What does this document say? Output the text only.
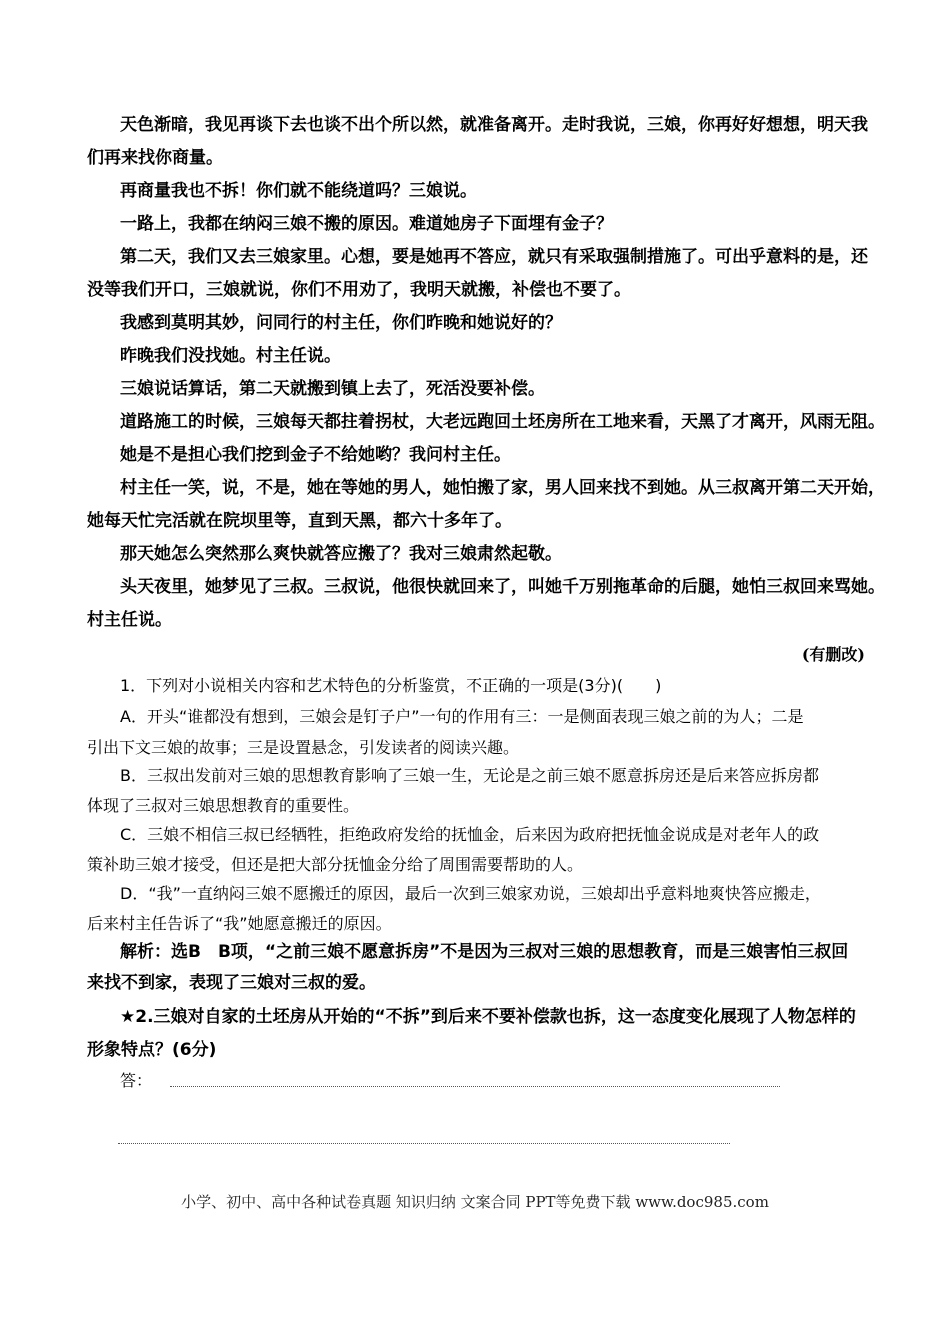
天色渐暗，我见再谈下去也谈不出个所以然，就准备离开。走时我说，三娘，你再好好想想，明天我
们再来找你商量。
再商量我也不拆！你们就不能绕道吗？三娘说。
一路上，我都在纳闷三娘不搬的原因。难道她房子下面埋有金子？
第二天，我们又去三娘家里。心想，要是她再不答应，就只有采取强制措施了。可出乎意料的是，还
没等我们开口，三娘就说，你们不用劝了，我明天就搬，补偿也不要了。
我感到莫明其妙，问同行的村主任，你们昨晚和她说好的？
昨晚我们没找她。村主任说。
三娘说话算话，第二天就搬到镇上去了，死活没要补偿。
道路施工的时候，三娘每天都拄着拐杖，大老远跑回土坯房所在工地来看，天黑了才离开，风雨无阻。
她是不是担心我们挖到金子不给她哟？我问村主任。
村主任一笑，说，不是，她在等她的男人，她怕搬了家，男人回来找不到她。从三叔离开第二天开始，
她每天忙完活就在院坝里等，直到天黑，都六十多年了。
那天她怎么突然那么爽快就答应搬了？我对三娘肃然起敬。
头天夜里，她梦见了三叔。三叔说，他很快就回来了，叫她千万别拖革命的后腿，她怕三叔回来骂她。
村主任说。
(有删改)
1．下列对小说相关内容和艺术特色的分析鉴赏，不正确的一项是(3分)(　　)
A．开头“谁都没有想到，三娘会是钉子户”一句的作用有三：一是侧面表现三娘之前的为人；二是
引出下文三娘的故事；三是设置悬念，引发读者的阅读兴趣。
B．三叔出发前对三娘的思想教育影响了三娘一生，无论是之前三娘不愿意拆房还是后来答应拆房都
体现了三叔对三娘思想教育的重要性。
C．三娘不相信三叔已经牺牲，拒绝政府发给的抚恤金，后来因为政府把抚恤金说成是对老年人的政
策补助三娘才接受，但还是把大部分抚恤金分给了周围需要帮助的人。
D．“我”一直纳闷三娘不愿搬迁的原因，最后一次到三娘家劝说，三娘却出乎意料地爽快答应搬走，
后来村主任告诉了“我”她愿意搬迁的原因。
解析：选B　B项，“之前三娘不愿意拆房”不是因为三叔对三娘的思想教育，而是三娘害怕三叔回
来找不到家，表现了三娘对三叔的爱。
★2.三娘对自家的土坯房从开始的“不拆”到后来不要补偿款也拆，这一态度变化展现了人物怎样的
形象特点？(6分)
答：
小学、初中、高中各种试卷真题 知识归纳 文案合同 PPT等免费下载 www.doc985.com
